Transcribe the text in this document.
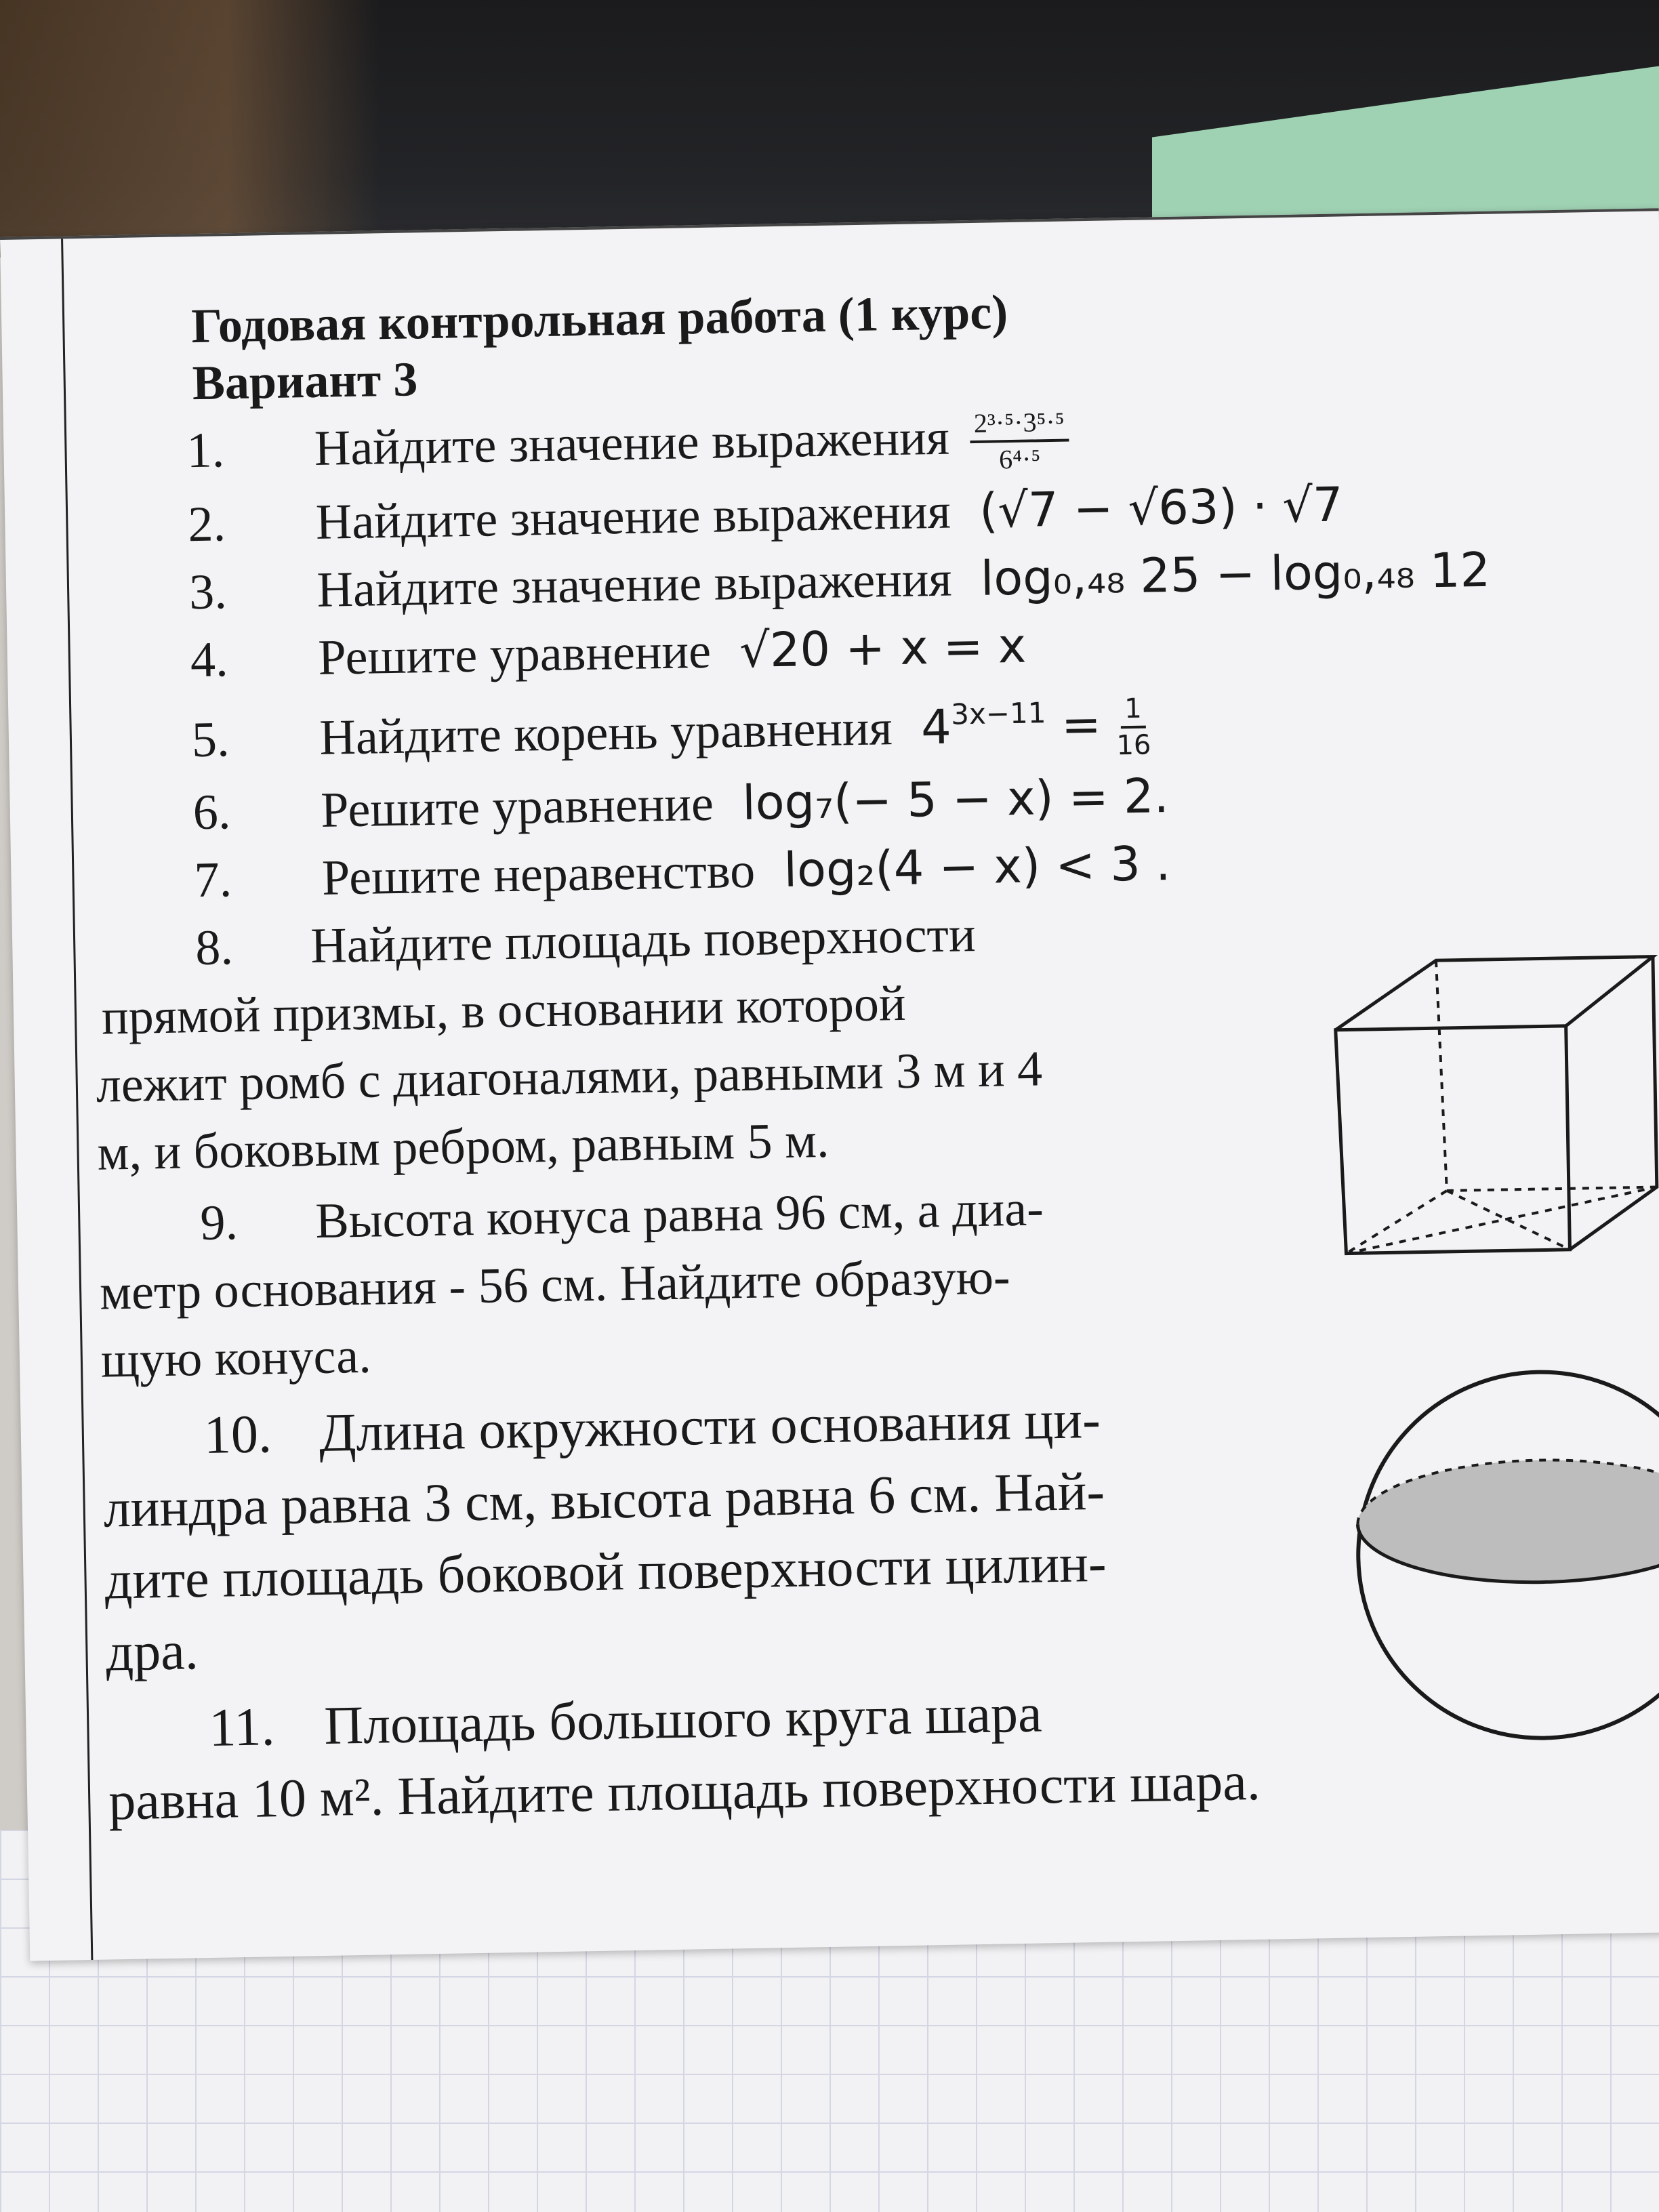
Годовая контрольная работа (1 курс)
Вариант 3
1. Найдите значение выражения $\frac{\text{2³·⁵·3⁵·⁵}}{\text{6⁴·⁵}}$
2. Найдите значение выражения (√7 − √63) · √7
3. Найдите значение выражения log₀,₄₈ 25 − log₀,₄₈ 12
4. Решите уравнение √20 + x = x
5. Найдите корень уравнения $4^{3x-11} = \frac{1}{16}$
6. Решите уравнение log₇(− 5 − x) = 2.
7. Решите неравенство log₂(4 − x) < 3 .
8. Найдите площадь поверхности
прямой призмы, в основании которой
лежит ромб с диагоналями, равными 3 м и 4
м, и боковым ребром, равным 5 м.
9. Высота конуса равна 96 см, а диа-
метр основания - 56 см. Найдите образую-
щую конуса.
10. Длина окружности основания ци-
линдра равна 3 см, высота равна 6 см. Най-
дите площадь боковой поверхности цилин-
дра.
11. Площадь большого круга шара
равна 10 м². Найдите площадь поверхности шара.
